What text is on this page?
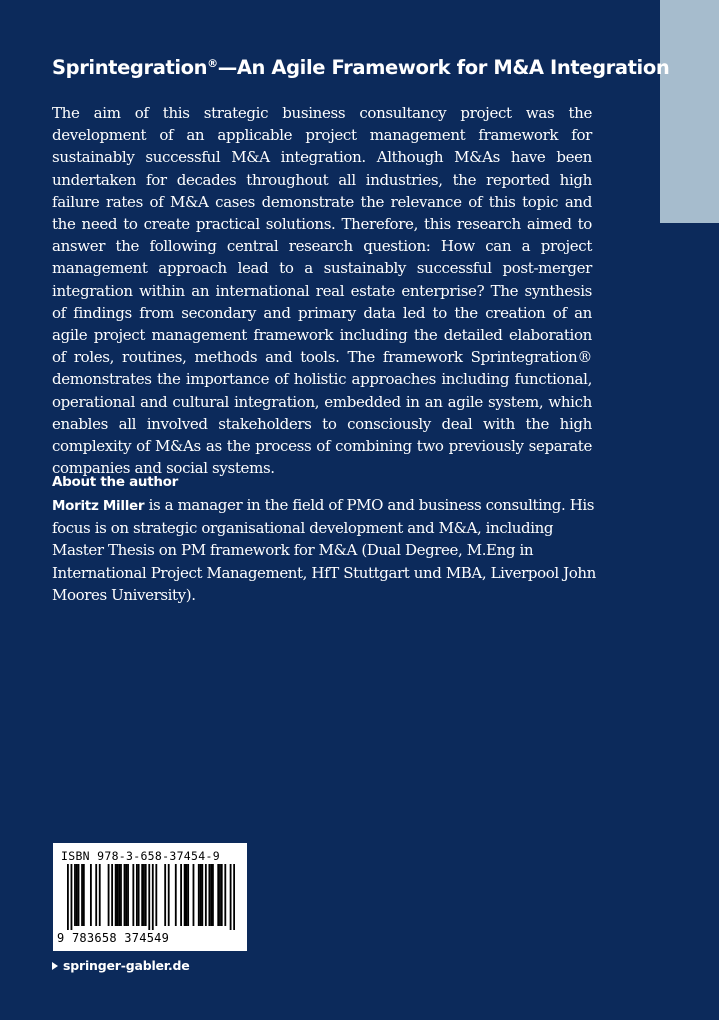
Sprintegration®—An Agile Framework for M&A Integration
The aim of this strategic business consultancy project was the development of an applicable project management framework for sustainably successful M&A integration. Although M&As have been undertaken for decades throughout all industries, the reported high failure rates of M&A cases demonstrate the relevance of this topic and the need to create practical solutions. Therefore, this research aimed to answer the following central research question: How can a project management approach lead to a sustainably successful post-merger integration within an international real estate enterprise? The synthesis of findings from secondary and primary data led to the creation of an agile project management framework including the detailed elaboration of roles, routines, methods and tools. The framework Sprintegration® demonstrates the importance of holistic approaches including functional, operational and cultural integration, embedded in an agile system, which enables all involved stakeholders to consciously deal with the high complexity of M&As as the process of combining two previously separate companies and social systems.
About the author
Moritz Miller is a manager in the field of PMO and business consulting. His focus is on strategic organisational development and M&A, including Master Thesis on PM framework for M&A (Dual Degree, M.Eng in International Project Management, HfT Stuttgart und MBA, Liverpool John Moores University).
ISBN 978-3-658-37454-9
9 783658 374549
springer-gabler.de
